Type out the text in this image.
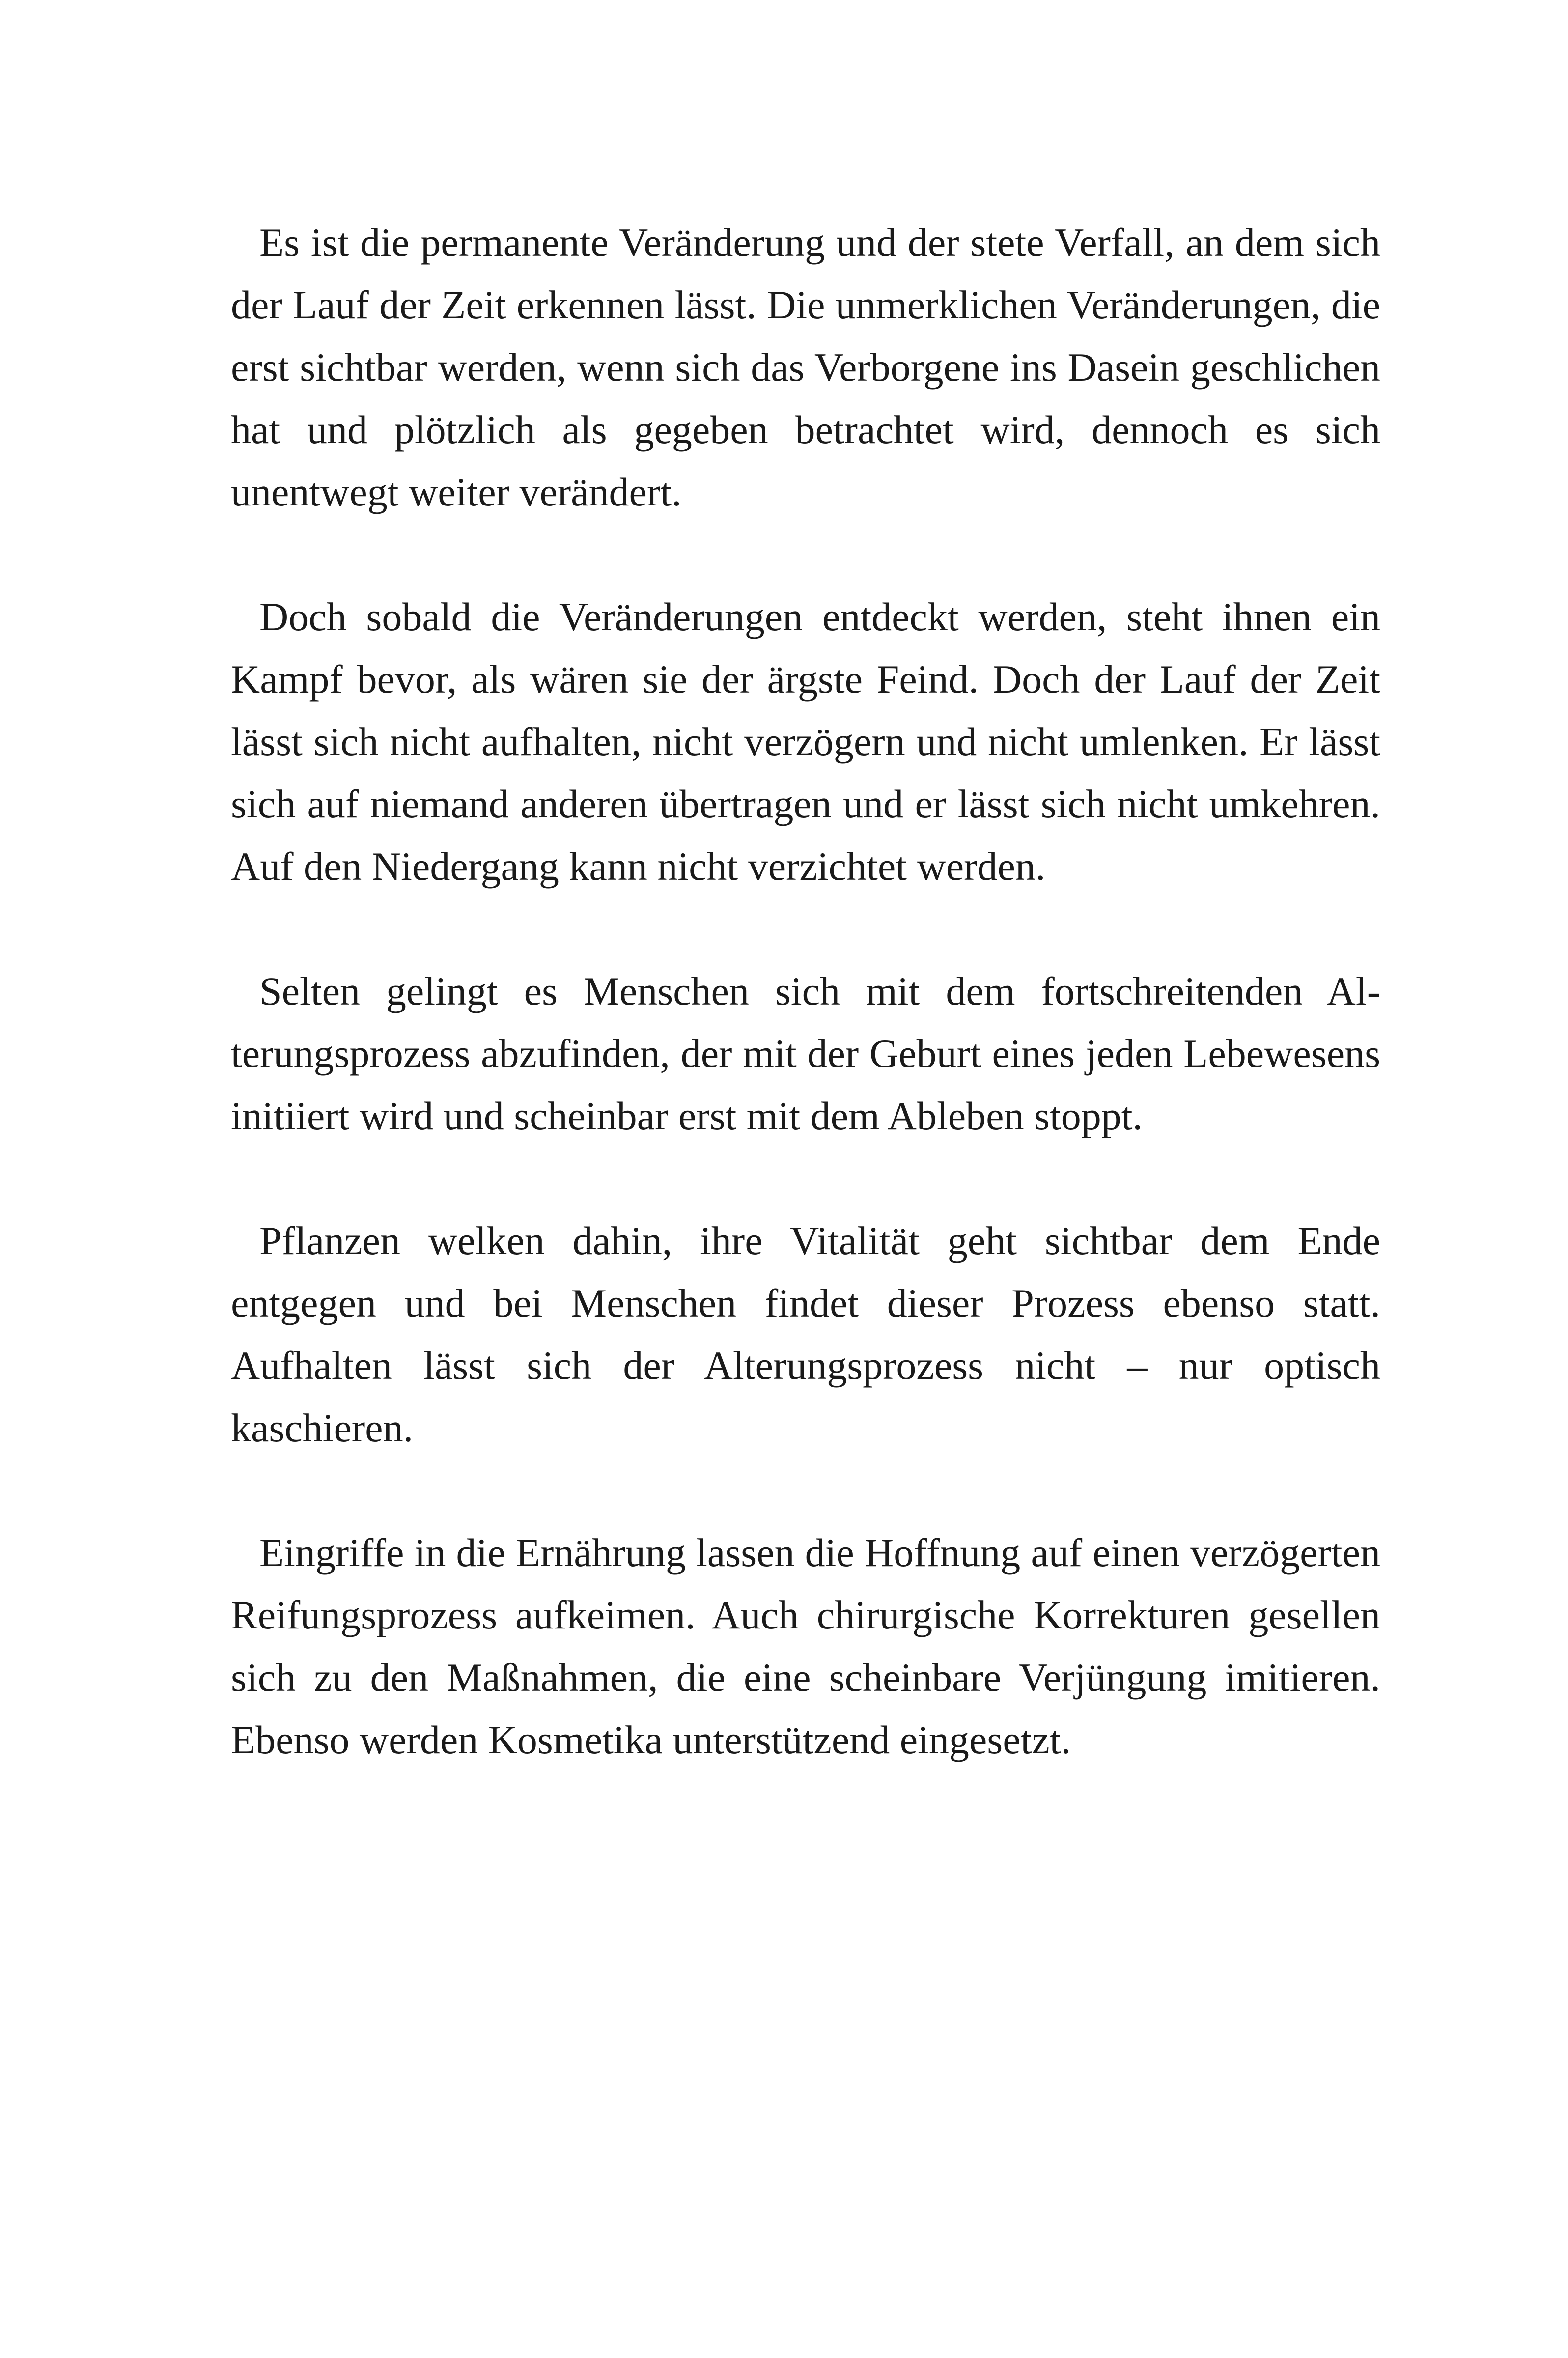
Es ist die permanente Veränderung und der stete Verfall, an dem sich der Lauf der Zeit erkennen lässt. Die unmerklichen Veränderungen, die erst sichtbar werden, wenn sich das Verborgene ins Dasein geschlichen hat und plötzlich als gegeben betrachtet wird, dennoch es sich unentwegt weiter verändert.

Doch sobald die Veränderungen entdeckt werden, steht ihnen ein Kampf bevor, als wären sie der ärgste Feind. Doch der Lauf der Zeit lässt sich nicht aufhalten, nicht verzögern und nicht umlenken. Er lässt sich auf niemand anderen übertragen und er lässt sich nicht umkehren. Auf den Niedergang kann nicht verzichtet werden.

Selten gelingt es Menschen sich mit dem fortschreitenden Alterungsprozess abzufinden, der mit der Geburt eines jeden Lebewesens initiiert wird und scheinbar erst mit dem Ableben stoppt.

Pflanzen welken dahin, ihre Vitalität geht sichtbar dem Ende entgegen und bei Menschen findet dieser Prozess ebenso statt. Aufhalten lässt sich der Alterungsprozess nicht – nur optisch kaschieren.

Eingriffe in die Ernährung lassen die Hoffnung auf einen verzögerten Reifungsprozess aufkeimen. Auch chirurgische Korrekturen gesellen sich zu den Maßnahmen, die eine scheinbare Verjüngung imitieren. Ebenso werden Kosmetika unterstützend eingesetzt.
